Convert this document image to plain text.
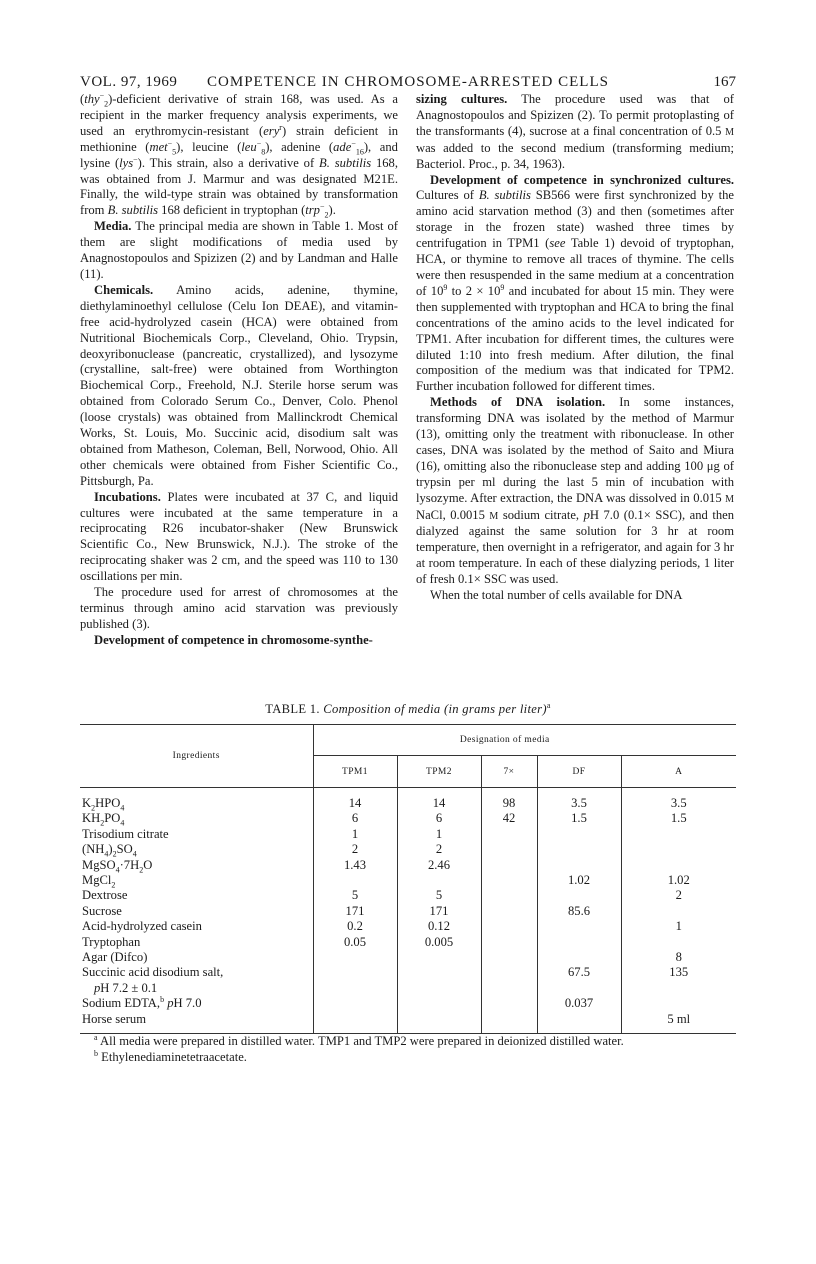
VOL. 97, 1969	COMPETENCE IN CHROMOSOME-ARRESTED CELLS	167

(thy−$_2$)-deficient derivative of strain 168, was used. As a recipient in the marker frequency analysis experiments, we used an erythromycin-resistant (ery$^r$) strain deficient in methionine (met−$_5$), leucine (leu−$_8$), adenine (ade−$_{16}$), and lysine (lys−). This strain, also a derivative of B. subtilis 168, was obtained from J. Marmur and was designated M21E. Finally, the wild-type strain was obtained by transformation from B. subtilis 168 deficient in tryptophan (trp−$_2$).

Media. The principal media are shown in Table 1. Most of them are slight modifications of media used by Anagnostopoulos and Spizizen (2) and by Landman and Halle (11).

Chemicals. Amino acids, adenine, thymine, diethylaminoethyl cellulose (Celu Ion DEAE), and vitamin-free acid-hydrolyzed casein (HCA) were obtained from Nutritional Biochemicals Corp., Cleveland, Ohio. Trypsin, deoxyribonuclease (pancreatic, crystallized), and lysozyme (crystalline, salt-free) were obtained from Worthington Biochemical Corp., Freehold, N.J. Sterile horse serum was obtained from Colorado Serum Co., Denver, Colo. Phenol (loose crystals) was obtained from Mallinckrodt Chemical Works, St. Louis, Mo. Succinic acid, disodium salt was obtained from Matheson, Coleman, Bell, Norwood, Ohio. All other chemicals were obtained from Fisher Scientific Co., Pittsburgh, Pa.

Incubations. Plates were incubated at 37 C, and liquid cultures were incubated at the same temperature in a reciprocating R26 incubator-shaker (New Brunswick Scientific Co., New Brunswick, N.J.). The stroke of the reciprocating shaker was 2 cm, and the speed was 110 to 130 oscillations per min.

The procedure used for arrest of chromosomes at the terminus through amino acid starvation was previously published (3).

Development of competence in chromosome-synthe-

sizing cultures. The procedure used was that of Anagnostopoulos and Spizizen (2). To permit protoplasting of the transformants (4), sucrose at a final concentration of 0.5 M was added to the second medium (transforming medium; Bacteriol. Proc., p. 34, 1963).

Development of competence in synchronized cultures. Cultures of B. subtilis SB566 were first synchronized by the amino acid starvation method (3) and then (sometimes after storage in the frozen state) washed three times by centrifugation in TPM1 (see Table 1) devoid of tryptophan, HCA, or thymine to remove all traces of thymine. The cells were then resuspended in the same medium at a concentration of $10^9$ to $2 \times 10^9$ and incubated for about 15 min. They were then supplemented with tryptophan and HCA to bring the final concentrations of the amino acids to the level indicated for TPM1. After incubation for different times, the cultures were diluted 1:10 into fresh medium. After dilution, the final composition of the medium was that indicated for TPM2. Further incubation followed for different times.

Methods of DNA isolation. In some instances, transforming DNA was isolated by the method of Marmur (13), omitting only the treatment with ribonuclease. In other cases, DNA was isolated by the method of Saito and Miura (16), omitting also the ribonuclease step and adding 100 μg of trypsin per ml during the last 5 min of incubation with lysozyme. After extraction, the DNA was dissolved in 0.015 M NaCl, 0.0015 M sodium citrate, pH 7.0 (0.1× SSC), and then dialyzed against the same solution for 3 hr at room temperature, then overnight in a refrigerator, and again for 3 hr at room temperature. In each of these dialyzing periods, 1 liter of fresh 0.1× SSC was used.

When the total number of cells available for DNA

TABLE 1. Composition of media (in grams per liter)$^a$
Ingredients	Designation of media				
	TPM1	TPM2	7×	DF	A
$K_2HPO_4$	14	14	98	3.5	3.5
$KH_2PO_4$	6	6	42	1.5	1.5
Trisodium citrate	1	1			
$(NH_4)_2SO_4$	2	2			
$MgSO_4\cdot 7H_2O$	1.43	2.46			
MgCl$_2$				1.02	1.02
Dextrose	5	5			2
Sucrose	171	171		85.6	
Acid-hydrolyzed casein	0.2	0.12			1
Tryptophan	0.05	0.005			
Agar (Difco)					8
Succinic acid disodium salt,				67.5	135
pH 7.2 ± 0.1					
Sodium EDTA,$^b$ pH 7.0				0.037	
Horse serum					5 ml

$^a$ All media were prepared in distilled water. TMP1 and TMP2 were prepared in deionized distilled water.

$^b$ Ethylenediaminetetraacetate.
